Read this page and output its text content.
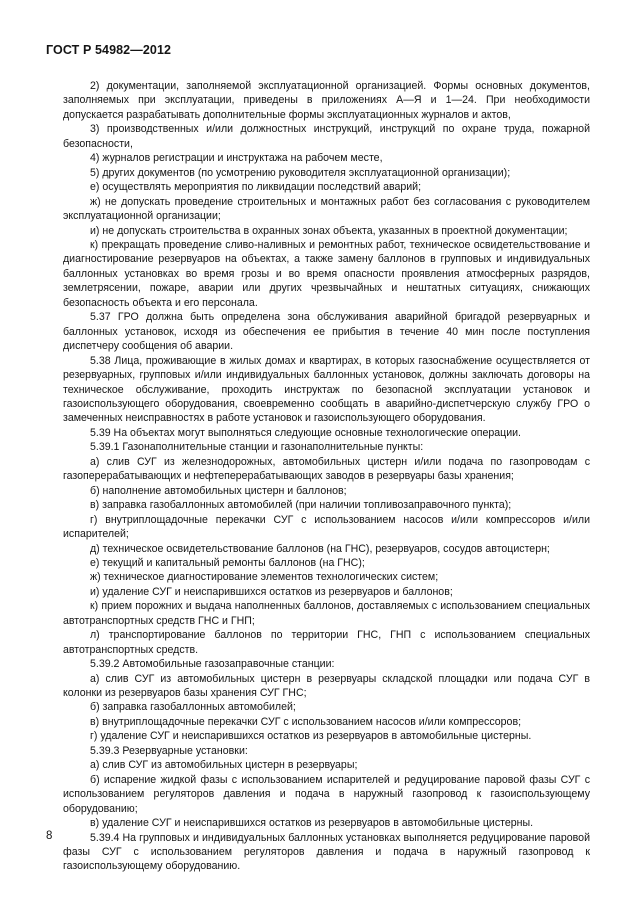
ГОСТ Р 54982—2012

2) документации, заполняемой эксплуатационной организацией. Формы основных документов, заполняемых при эксплуатации, приведены в приложениях А—Я и 1—24. При необходимости допускается разрабатывать дополнительные формы эксплуатационных журналов и актов,

3) производственных и/или должностных инструкций, инструкций по охране труда, пожарной безопасности,

4) журналов регистрации и инструктажа на рабочем месте,

5) других документов (по усмотрению руководителя эксплуатационной организации);

е) осуществлять мероприятия по ликвидации последствий аварий;

ж) не допускать проведение строительных и монтажных работ без согласования с руководителем эксплуатационной организации;

и) не допускать строительства в охранных зонах объекта, указанных в проектной документации;

к) прекращать проведение сливо-наливных и ремонтных работ, техническое освидетельствование и диагностирование резервуаров на объектах, а также замену баллонов в групповых и индивидуальных баллонных установках во время грозы и во время опасности проявления атмосферных разрядов, землетрясении, пожаре, аварии или других чрезвычайных и нештатных ситуациях, снижающих безопасность объекта и его персонала.

5.37 ГРО должна быть определена зона обслуживания аварийной бригадой резервуарных и баллонных установок, исходя из обеспечения ее прибытия в течение 40 мин после поступления диспетчеру сообщения об аварии.

5.38 Лица, проживающие в жилых домах и квартирах, в которых газоснабжение осуществляется от резервуарных, групповых и/или индивидуальных баллонных установок, должны заключать договоры на техническое обслуживание, проходить инструктаж по безопасной эксплуатации установок и газоиспользующего оборудования, своевременно сообщать в аварийно-диспетчерскую службу ГРО о замеченных неисправностях в работе установок и газоиспользующего оборудования.

5.39 На объектах могут выполняться следующие основные технологические операции.

5.39.1 Газонаполнительные станции и газонаполнительные пункты:

а) слив СУГ из железнодорожных, автомобильных цистерн и/или подача по газопроводам с газоперерабатывающих и нефтеперерабатывающих заводов в резервуары базы хранения;

б) наполнение автомобильных цистерн и баллонов;

в) заправка газобаллонных автомобилей (при наличии топливозаправочного пункта);

г) внутриплощадочные перекачки СУГ с использованием насосов и/или компрессоров и/или испарителей;

д) техническое освидетельствование баллонов (на ГНС), резервуаров, сосудов автоцистерн;

е) текущий и капитальный ремонты баллонов (на ГНС);

ж) техническое диагностирование элементов технологических систем;

и) удаление СУГ и неиспарившихся остатков из резервуаров и баллонов;

к) прием порожних и выдача наполненных баллонов, доставляемых с использованием специальных автотранспортных средств ГНС и ГНП;

л) транспортирование баллонов по территории ГНС, ГНП с использованием специальных автотранспортных средств.

5.39.2 Автомобильные газозаправочные станции:

а) слив СУГ из автомобильных цистерн в резервуары складской площадки или подача СУГ в колонки из резервуаров базы хранения СУГ ГНС;

б) заправка газобаллонных автомобилей;

в) внутриплощадочные перекачки СУГ с использованием насосов и/или компрессоров;

г) удаление СУГ и неиспарившихся остатков из резервуаров в автомобильные цистерны.

5.39.3 Резервуарные установки:

а) слив СУГ из автомобильных цистерн в резервуары;

б) испарение жидкой фазы с использованием испарителей и редуцирование паровой фазы СУГ с использованием регуляторов давления и подача в наружный газопровод к газоиспользующему оборудованию;

в) удаление СУГ и неиспарившихся остатков из резервуаров в автомобильные цистерны.

5.39.4 На групповых и индивидуальных баллонных установках выполняется редуцирование паровой фазы СУГ с использованием регуляторов давления и подача в наружный газопровод к газоиспользующему оборудованию.

8
